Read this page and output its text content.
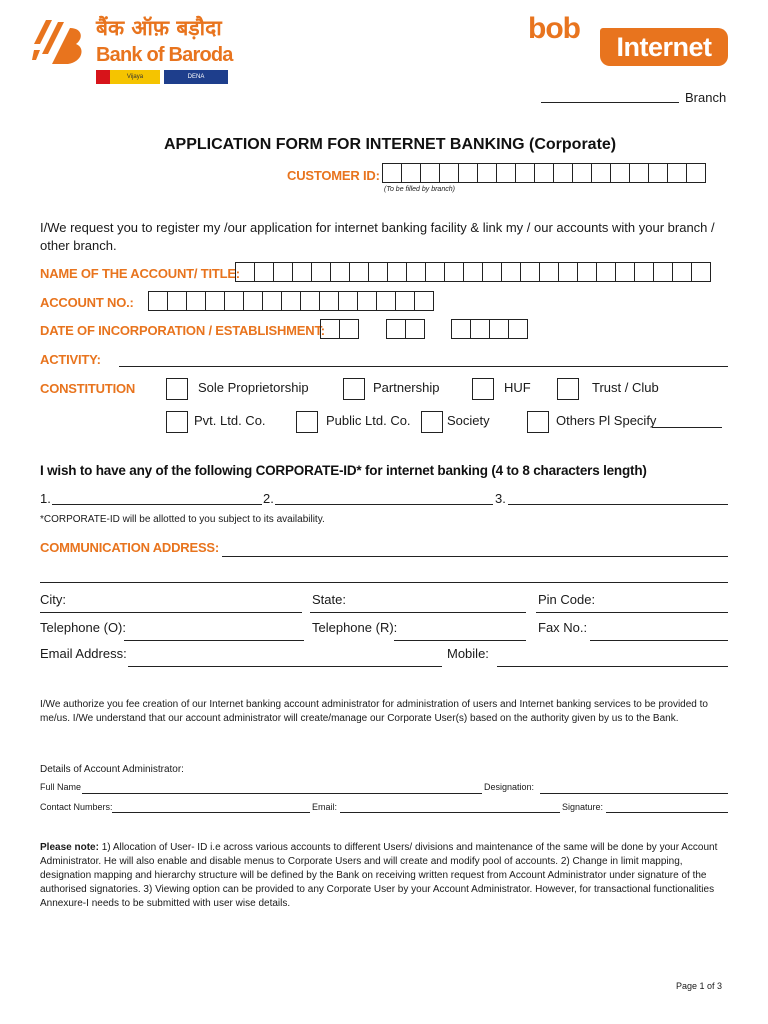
बैंक ऑफ़ बड़ौदा
Bank of Baroda
Vijaya	DENA
bob
Internet
Branch
APPLICATION FORM FOR INTERNET BANKING (Corporate)
CUSTOMER ID:
(To be filled by branch)
I/We request you to register my /our application for internet banking facility & link my / our accounts with your branch / other branch.
NAME OF THE ACCOUNT/ TITLE:
ACCOUNT NO.:
DATE OF INCORPORATION / ESTABLISHMENT:
ACTIVITY:
CONSTITUTION	Sole Proprietorship	Partnership	HUF	Trust / Club
Pvt. Ltd. Co.	Public Ltd. Co.	Society	Others Pl Specify
I wish to have any of the following CORPORATE-ID* for internet banking (4 to 8 characters length)
1.	2.	3.
*CORPORATE-ID will be allotted to you subject to its availability.
COMMUNICATION ADDRESS:
City:	State:	Pin Code:
Telephone (O):	Telephone (R):	Fax No.:
Email Address:	Mobile:
I/We authorize you fee creation of our Internet banking account administrator for administration of users and Internet banking services to be provided to me/us. I/We understand that our account administrator will create/manage our Corporate User(s) based on the authority given by us to the Bank.
Details of Account Administrator:
Full Name	Designation:
Contact Numbers:	Email:	Signature:
Please note: 1) Allocation of User- ID i.e across various accounts to different Users/ divisions and maintenance of the same will be done by your Account Administrator. He will also enable and disable menus to Corporate Users and will create and modify pool of accounts. 2) Change in limit mapping, designation mapping and hierarchy structure will be defined by the Bank on receiving written request from Account Administrator under signature of the authorised signatories. 3) Viewing option can be provided to any Corporate User by your Account Administrator. However, for transactional functionalities Annexure-I needs to be submitted with user wise details.
Page 1 of 3
